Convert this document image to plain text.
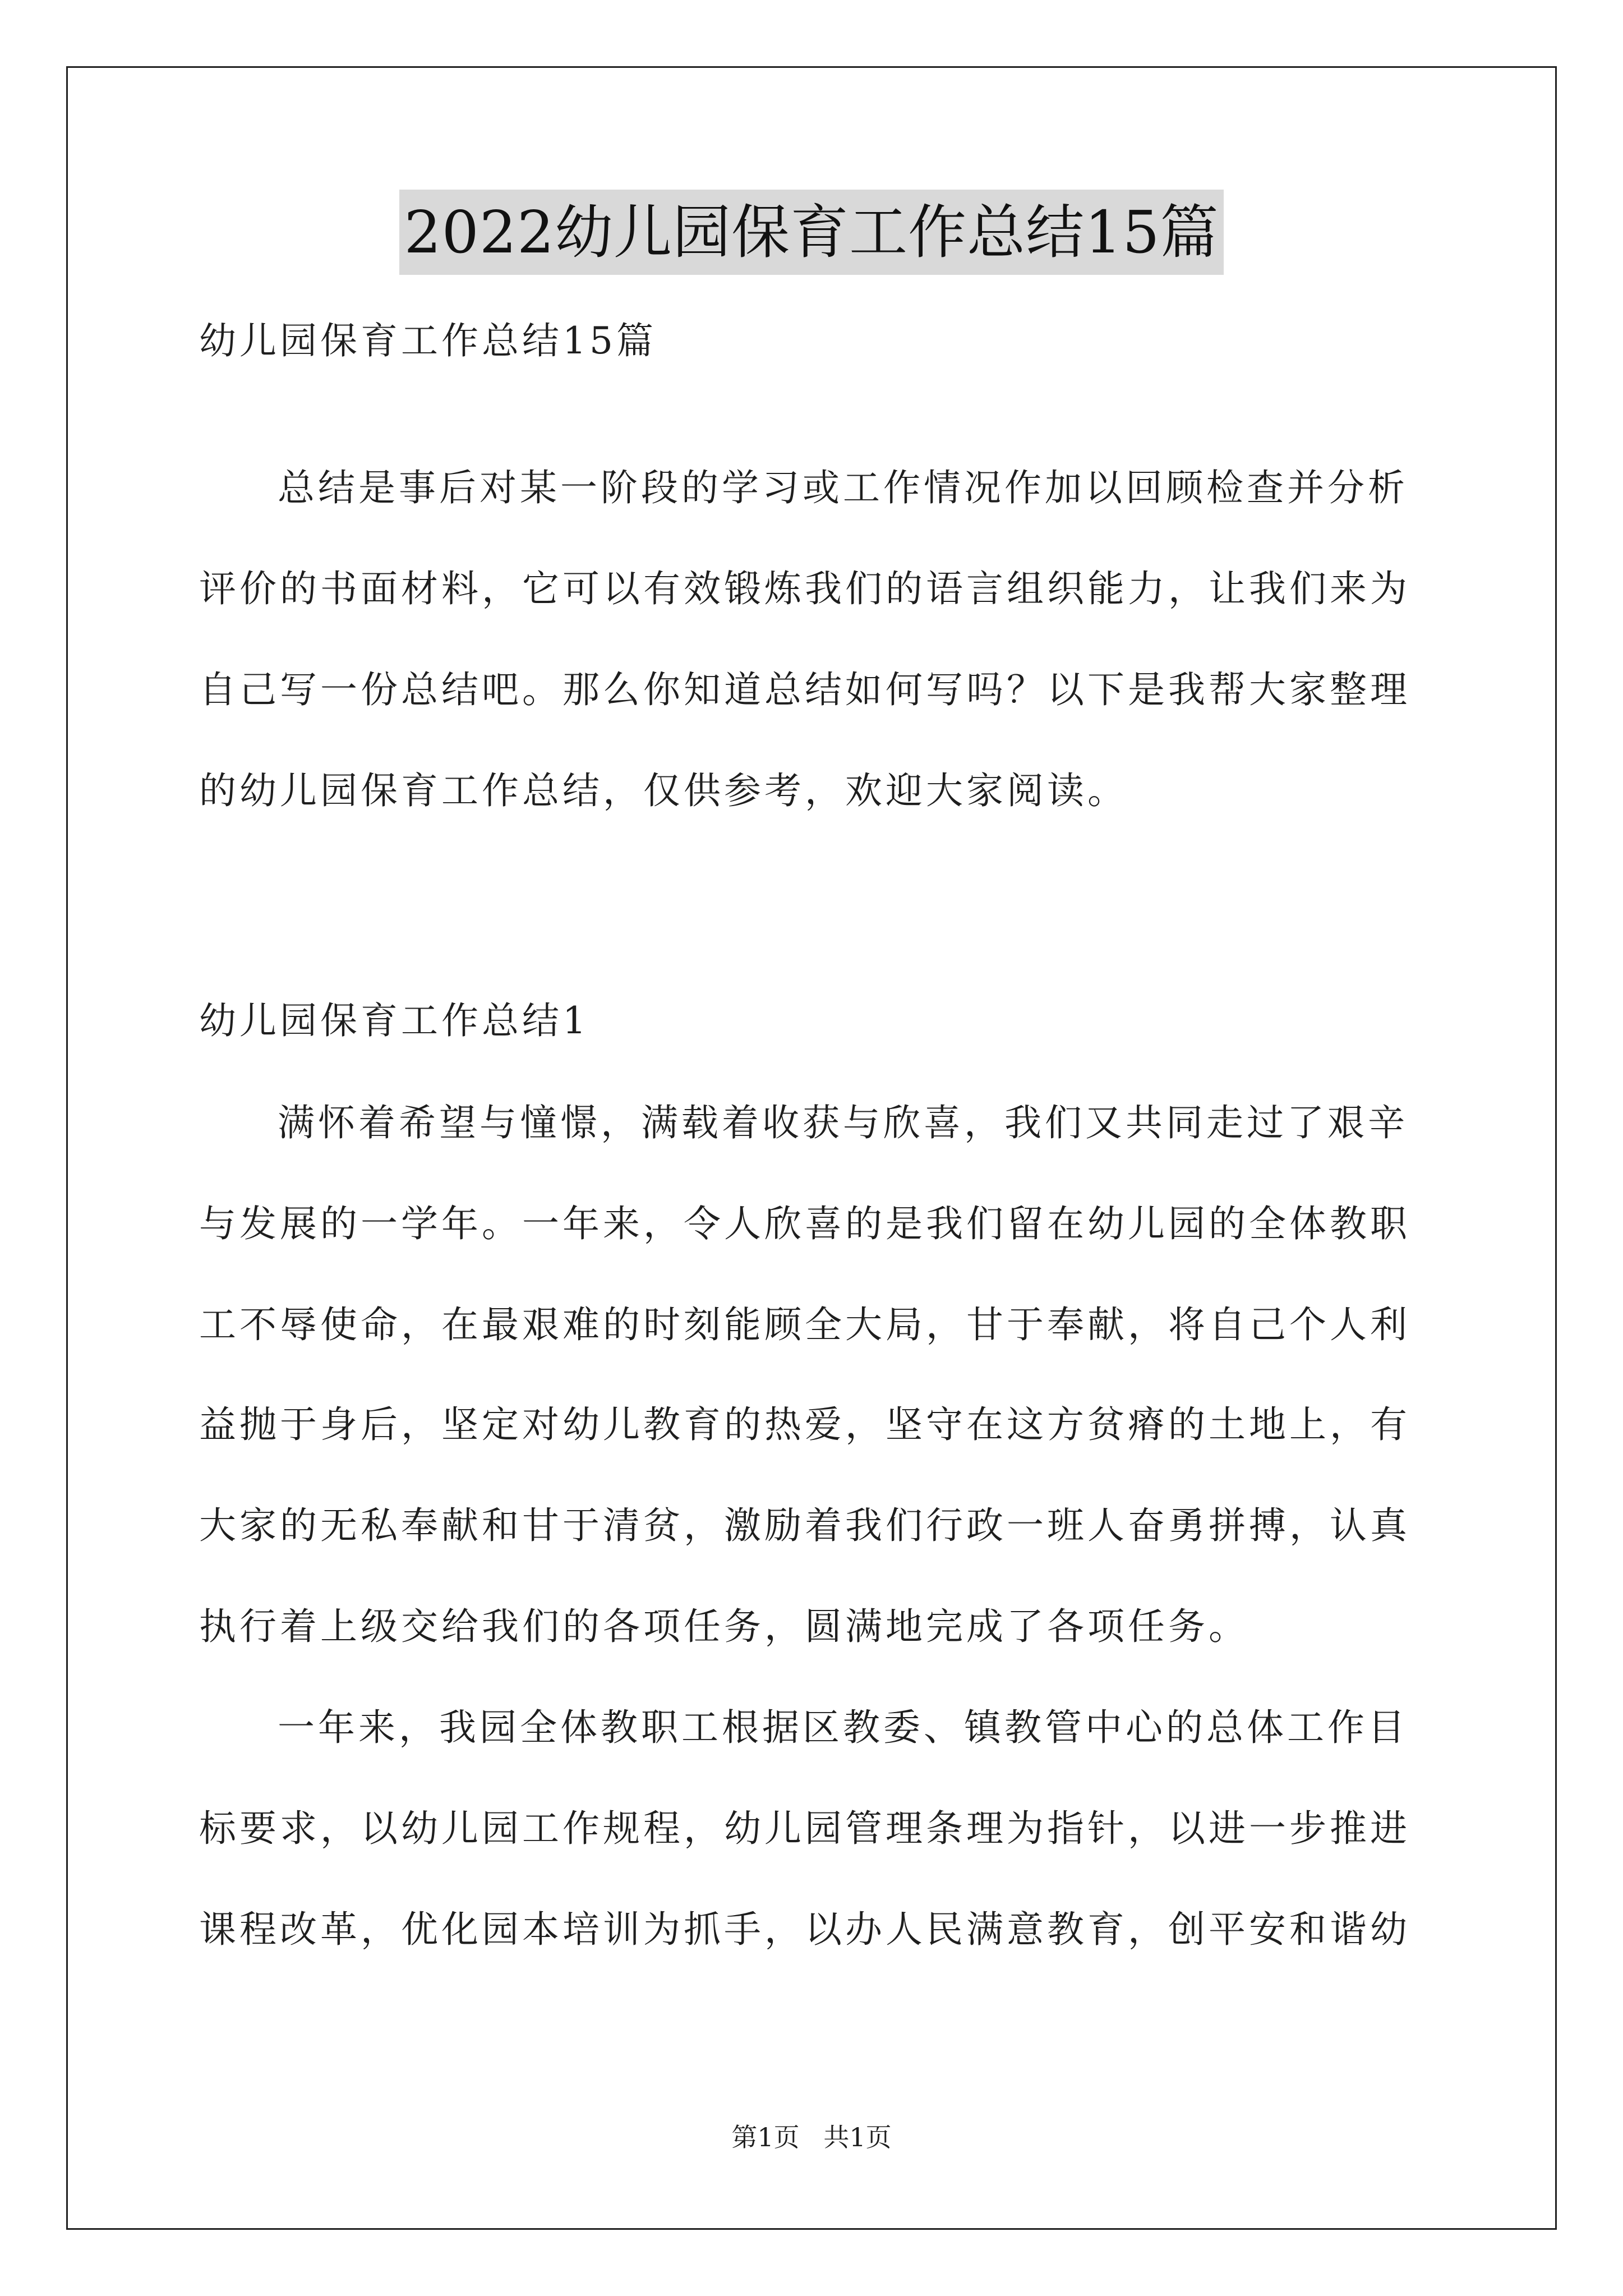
2022幼儿园保育工作总结15篇
幼儿园保育工作总结15篇
总结是事后对某一阶段的学习或工作情况作加以回顾检查并分析
评价的书面材料，它可以有效锻炼我们的语言组织能力，让我们来为
自己写一份总结吧。那么你知道总结如何写吗？以下是我帮大家整理
的幼儿园保育工作总结，仅供参考，欢迎大家阅读。
幼儿园保育工作总结1
满怀着希望与憧憬，满载着收获与欣喜，我们又共同走过了艰辛
与发展的一学年。一年来，令人欣喜的是我们留在幼儿园的全体教职
工不辱使命，在最艰难的时刻能顾全大局，甘于奉献，将自己个人利
益抛于身后，坚定对幼儿教育的热爱，坚守在这方贫瘠的土地上，有
大家的无私奉献和甘于清贫，激励着我们行政一班人奋勇拼搏，认真
执行着上级交给我们的各项任务，圆满地完成了各项任务。
一年来，我园全体教职工根据区教委、镇教管中心的总体工作目
标要求，以幼儿园工作规程，幼儿园管理条理为指针，以进一步推进
课程改革，优化园本培训为抓手，以办人民满意教育，创平安和谐幼
第1页 共1页
